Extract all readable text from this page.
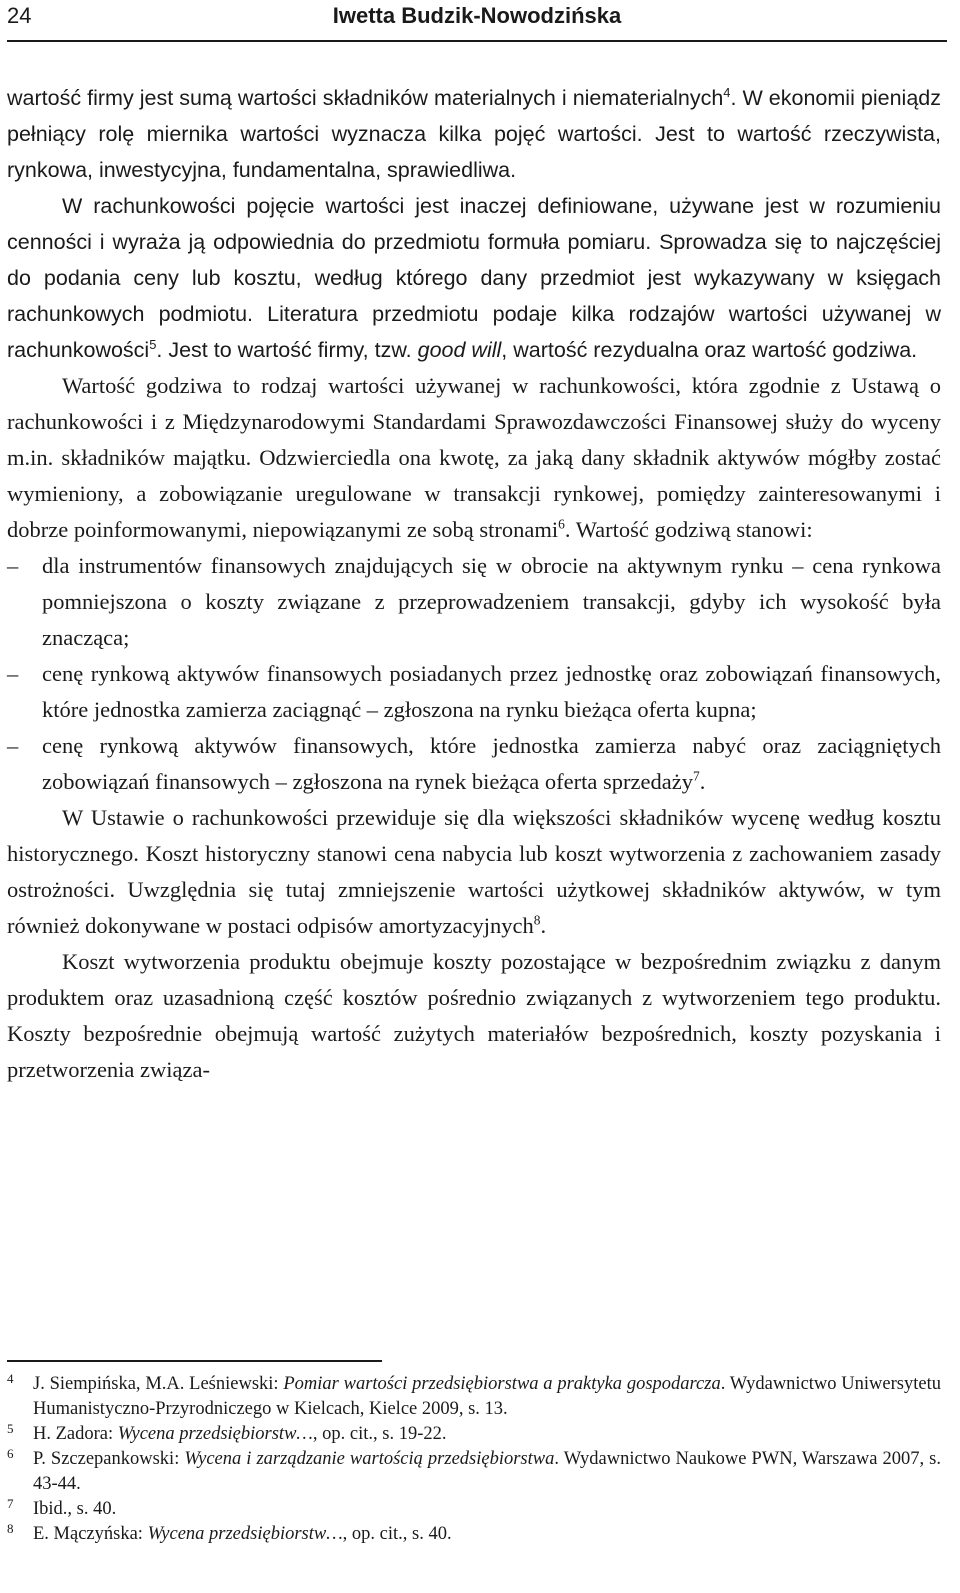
24	Iwetta Budzik-Nowodzińska

wartość firmy jest sumą wartości składników materialnych i niematerialnych$^4$. W ekonomii pieniądz pełniący rolę miernika wartości wyznacza kilka pojęć wartości. Jest to wartość rzeczywista, rynkowa, inwestycyjna, fundamentalna, sprawiedliwa.

W rachunkowości pojęcie wartości jest inaczej definiowane, używane jest w rozumieniu cenności i wyraża ją odpowiednia do przedmiotu formuła pomiaru. Sprowadza się to najczęściej do podania ceny lub kosztu, według którego dany przedmiot jest wykazywany w księgach rachunkowych podmiotu. Literatura przedmiotu podaje kilka rodzajów wartości używanej w rachunkowości$^5$. Jest to wartość firmy, tzw. good will, wartość rezydualna oraz wartość godziwa.

Wartość godziwa to rodzaj wartości używanej w rachunkowości, która zgodnie z Ustawą o rachunkowości i z Międzynarodowymi Standardami Sprawozdawczości Finansowej służy do wyceny m.in. składników majątku. Odzwierciedla ona kwotę, za jaką dany składnik aktywów mógłby zostać wymieniony, a zobowiązanie uregulowane w transakcji rynkowej, pomiędzy zainteresowanymi i dobrze poinformowanymi, niepowiązanymi ze sobą stronami$^6$. Wartość godziwą stanowi:

– dla instrumentów finansowych znajdujących się w obrocie na aktywnym rynku – cena rynkowa pomniejszona o koszty związane z przeprowadzeniem transakcji, gdyby ich wysokość była znacząca;
– cenę rynkową aktywów finansowych posiadanych przez jednostkę oraz zobowiązań finansowych, które jednostka zamierza zaciągnąć – zgłoszona na rynku bieżąca oferta kupna;
– cenę rynkową aktywów finansowych, które jednostka zamierza nabyć oraz zaciągniętych zobowiązań finansowych – zgłoszona na rynek bieżąca oferta sprzedaży$^7$.

W Ustawie o rachunkowości przewiduje się dla większości składników wycenę według kosztu historycznego. Koszt historyczny stanowi cena nabycia lub koszt wytworzenia z zachowaniem zasady ostrożności. Uwzględnia się tutaj zmniejszenie wartości użytkowej składników aktywów, w tym również dokonywane w postaci odpisów amortyzacyjnych$^8$.

Koszt wytworzenia produktu obejmuje koszty pozostające w bezpośrednim związku z danym produktem oraz uzasadnioną część kosztów pośrednio związanych z wytworzeniem tego produktu. Koszty bezpośrednie obejmują wartość zużytych materiałów bezpośrednich, koszty pozyskania i przetworzenia związa-

4 J. Siempińska, M.A. Leśniewski: Pomiar wartości przedsiębiorstwa a praktyka gospodarcza. Wydawnictwo Uniwersytetu Humanistyczno-Przyrodniczego w Kielcach, Kielce 2009, s. 13.

5 H. Zadora: Wycena przedsiębiorstw…, op. cit., s. 19-22.

6 P. Szczepankowski: Wycena i zarządzanie wartością przedsiębiorstwa. Wydawnictwo Naukowe PWN, Warszawa 2007, s. 43-44.

7 Ibid., s. 40.

8 E. Mączyńska: Wycena przedsiębiorstw…, op. cit., s. 40.
